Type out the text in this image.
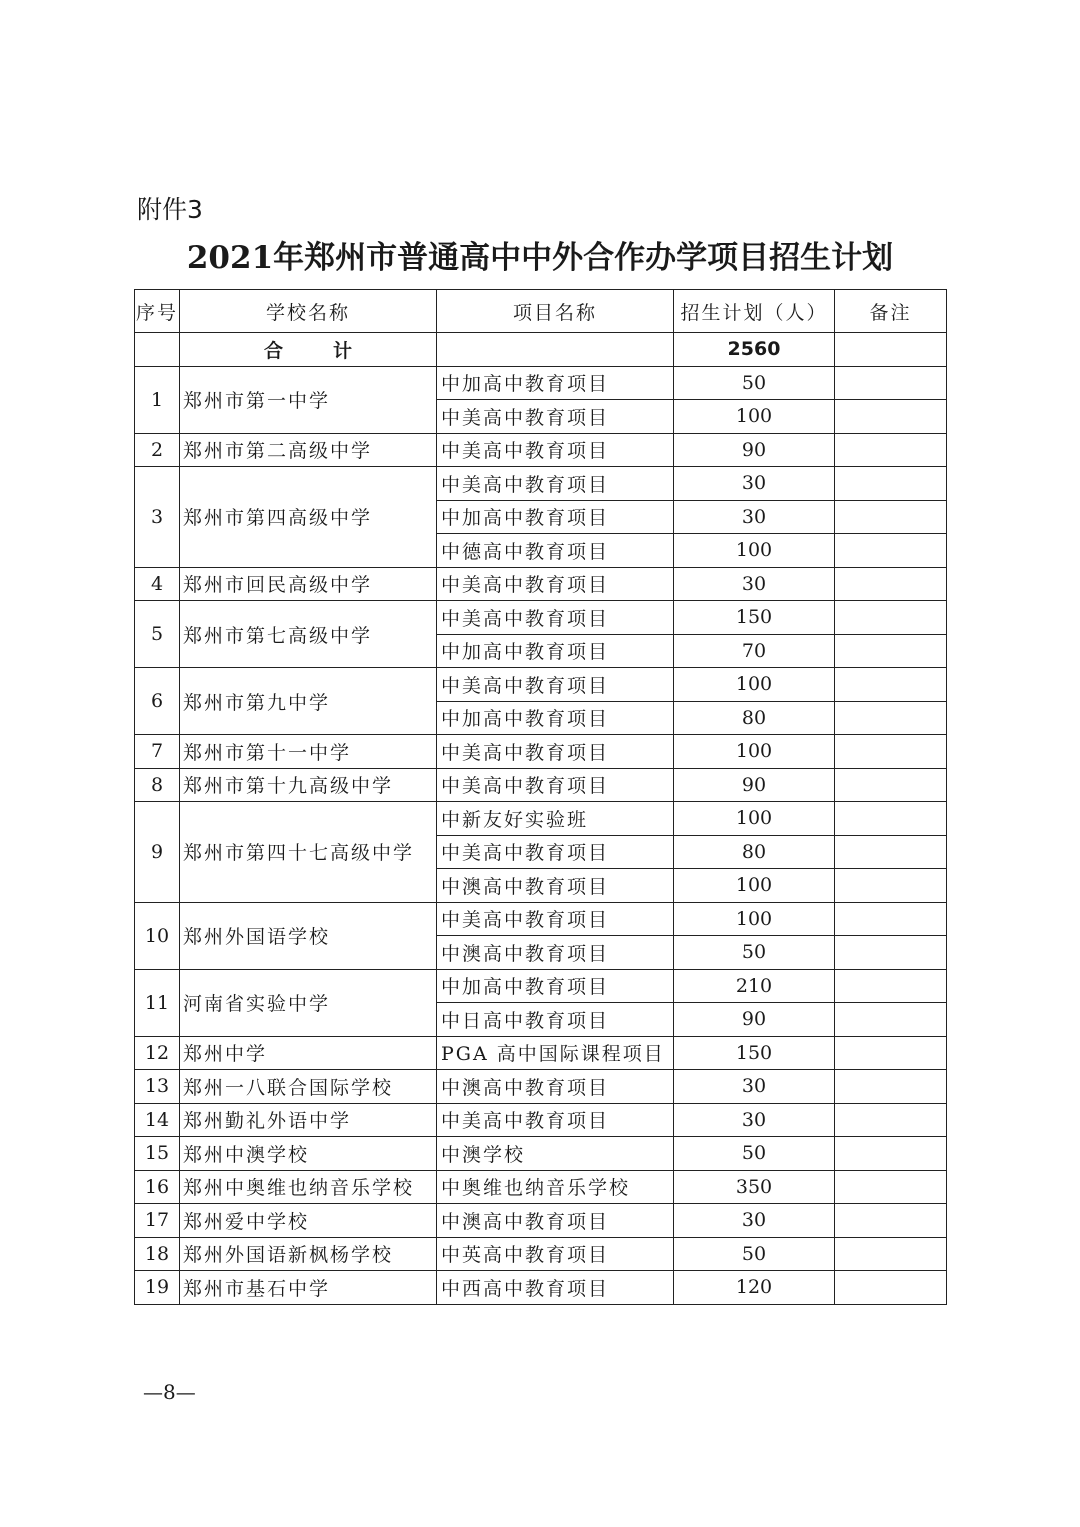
附件3
2021年郑州市普通高中中外合作办学项目招生计划
序号	学校名称	项目名称	招生计划（人）	备注
	合 计		2560	
1	郑州市第一中学	中加高中教育项目	50	
		中美高中教育项目	100	
2	郑州市第二高级中学	中美高中教育项目	90	
3	郑州市第四高级中学	中美高中教育项目	30	
		中加高中教育项目	30	
		中德高中教育项目	100	
4	郑州市回民高级中学	中美高中教育项目	30	
5	郑州市第七高级中学	中美高中教育项目	150	
		中加高中教育项目	70	
6	郑州市第九中学	中美高中教育项目	100	
		中加高中教育项目	80	
7	郑州市第十一中学	中美高中教育项目	100	
8	郑州市第十九高级中学	中美高中教育项目	90	
9	郑州市第四十七高级中学	中新友好实验班	100	
		中美高中教育项目	80	
		中澳高中教育项目	100	
10	郑州外国语学校	中美高中教育项目	100	
		中澳高中教育项目	50	
11	河南省实验中学	中加高中教育项目	210	
		中日高中教育项目	90	
12	郑州中学	PGA 高中国际课程项目	150	
13	郑州一八联合国际学校	中澳高中教育项目	30	
14	郑州勤礼外语中学	中美高中教育项目	30	
15	郑州中澳学校	中澳学校	50	
16	郑州中奥维也纳音乐学校	中奥维也纳音乐学校	350	
17	郑州爱中学校	中澳高中教育项目	30	
18	郑州外国语新枫杨学校	中英高中教育项目	50	
19	郑州市基石中学	中西高中教育项目	120	
—8—
